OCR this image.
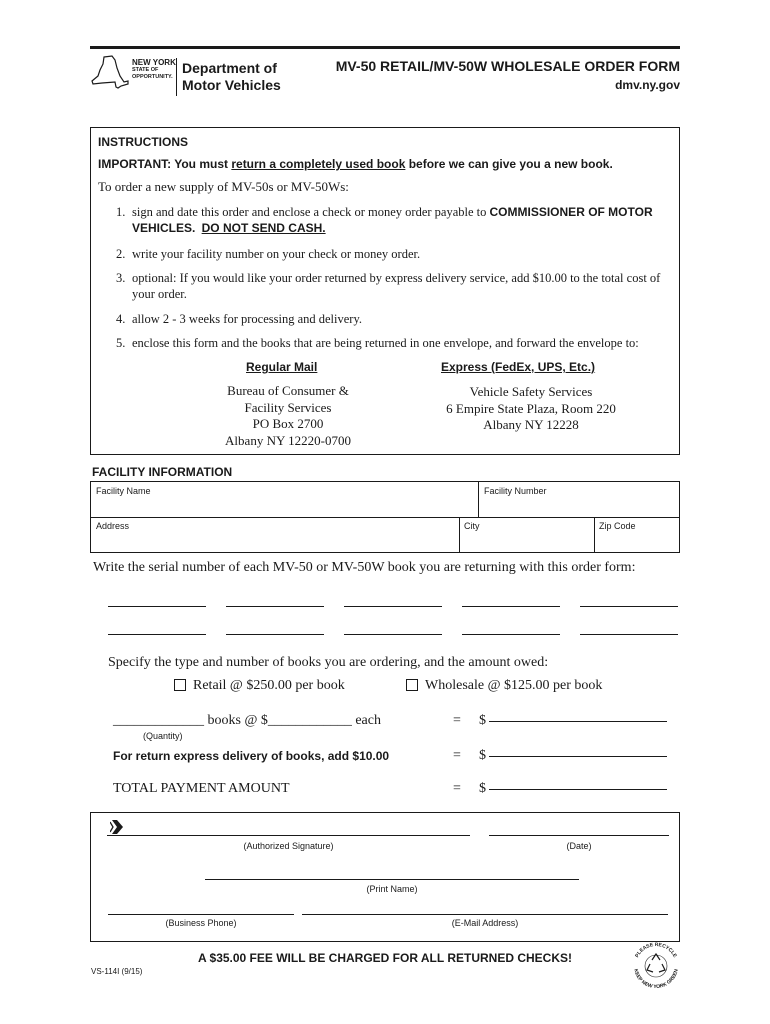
NEW YORK
STATE OF
OPPORTUNITY.
Department of
Motor Vehicles
MV-50 RETAIL/MV-50W WHOLESALE ORDER FORM
dmv.ny.gov
INSTRUCTIONS
IMPORTANT: You must return a completely used book before we can give you a new book.
To order a new supply of MV-50s or MV-50Ws:
1. sign and date this order and enclose a check or money order payable to COMMISSIONER OF MOTOR VEHICLES. DO NOT SEND CASH.
2. write your facility number on your check or money order.
3. optional: If you would like your order returned by express delivery service, add $10.00 to the total cost of your order.
4. allow 2 - 3 weeks for processing and delivery.
5. enclose this form and the books that are being returned in one envelope, and forward the envelope to:
Regular Mail	Express (FedEx, UPS, Etc.)
Bureau of Consumer &
Facility Services
PO Box 2700
Albany NY 12220-0700
Vehicle Safety Services
6 Empire State Plaza, Room 220
Albany NY 12228
FACILITY INFORMATION
Facility Name	Facility Number
Address	City	Zip Code
Write the serial number of each MV-50 or MV-50W book you are returning with this order form:
Specify the type and number of books you are ordering, and the amount owed:
Retail @ $250.00 per book	Wholesale @ $125.00 per book
_____________ books @ $____________ each
(Quantity)
= $
For return express delivery of books, add $10.00	= $
TOTAL PAYMENT AMOUNT	= $
(Authorized Signature)	(Date)
(Print Name)
(Business Phone)	(E-Mail Address)
A $35.00 FEE WILL BE CHARGED FOR ALL RETURNED CHECKS!
VS-114I (9/15)
PLEASE RECYCLE
KEEP NEW YORK GREEN
